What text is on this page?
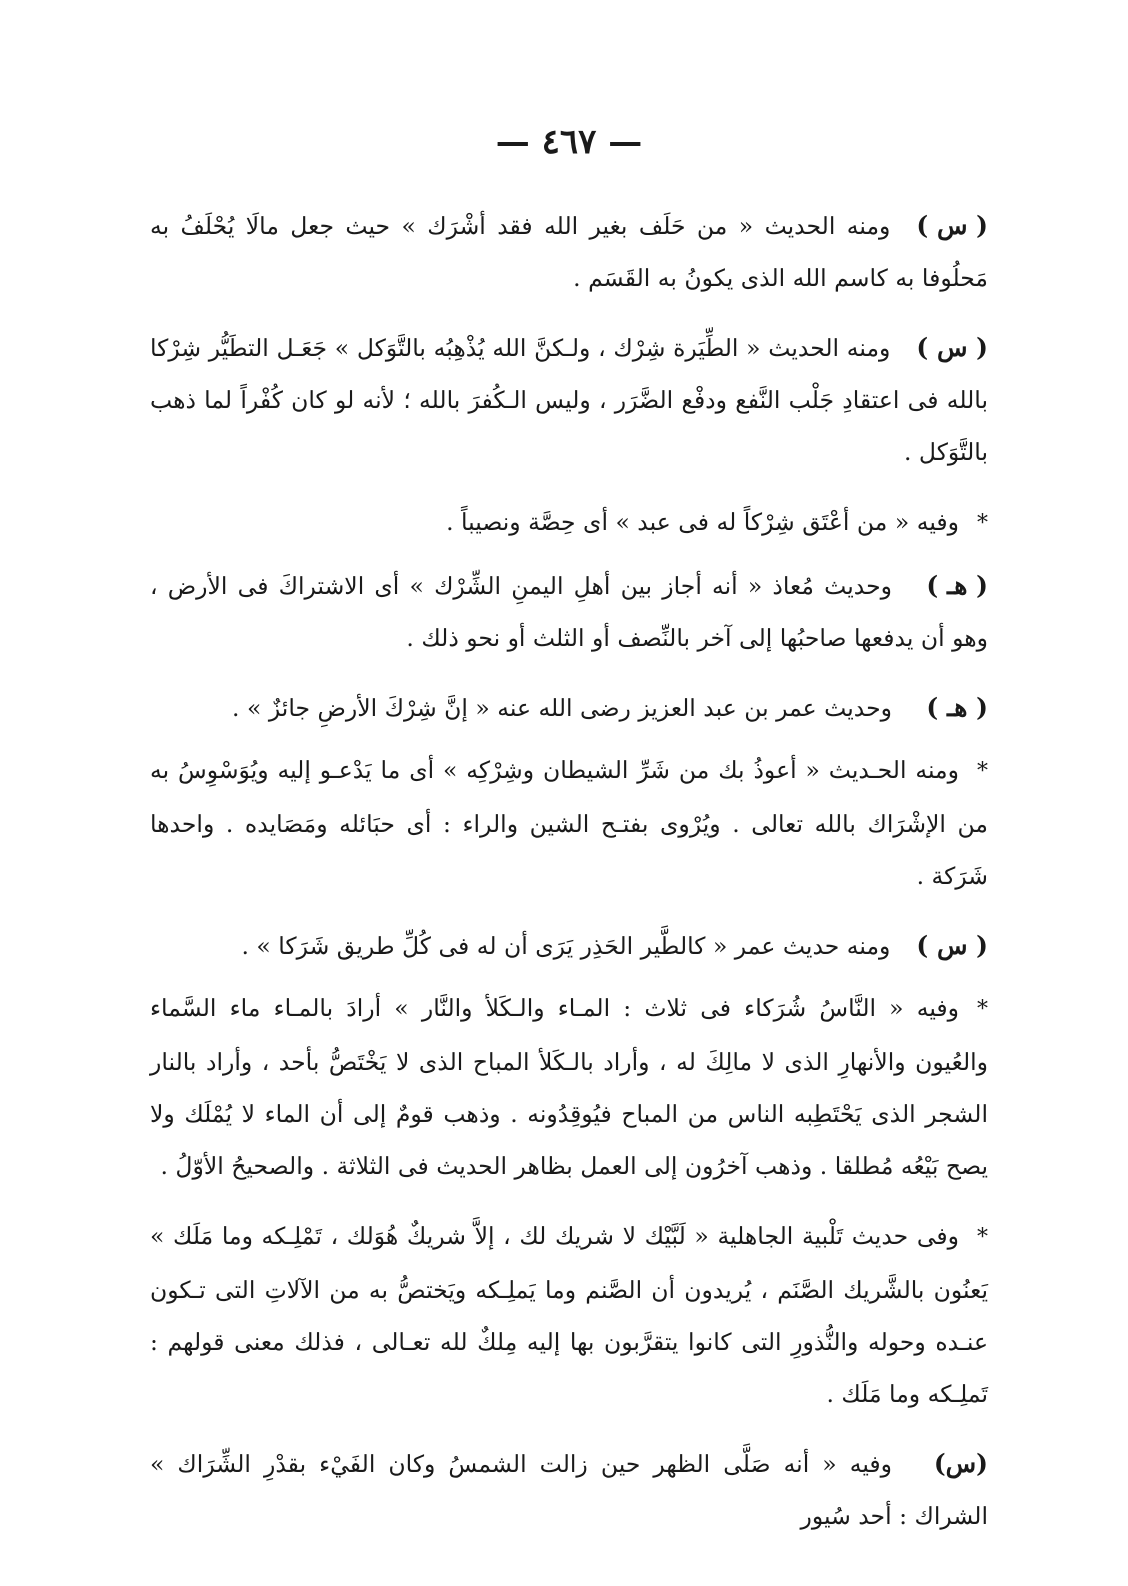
— ٤٦٧ —

( س )ومنه الحديث « من حَلَف بغير الله فقد أشْرَك » حيث جعل مالَا يُحْلَفُ به مَحلُوفا به كاسم الله الذى يكونُ به القَسَم .

( س )ومنه الحديث « الطِّيَرة شِرْك ، ولـكنَّ الله يُذْهِبُه بالتَّوَكل » جَعَـل التطَيُّر شِرْكا بالله فى اعتقادِ جَلْب النَّفع ودفْع الضَّرَر ، وليس الـكُفرَ بالله ؛ لأنه لو كان كُفْراً لما ذهب بالتَّوَكل .

*وفيه « من أعْتَق شِرْكاً له فى عبد » أى حِصَّة ونصيباً .

( هـ )وحديث مُعاذ « أنه أجاز بين أهلِ اليمنِ الشِّرْك » أى الاشتراكَ فى الأرض ، وهو أن يدفعها صاحبُها إلى آخر بالنِّصف أو الثلث أو نحو ذلك .

( هـ )وحديث عمر بن عبد العزيز رضى الله عنه « إنَّ شِرْكَ الأرضِ جائزٌ » .

*ومنه الحـديث « أعوذُ بك من شَرِّ الشيطان وشِرْكِه » أى ما يَدْعـو إليه ويُوَسْوِسُ به من الإشْرَاك بالله تعالى . ويُرْوى بفتـح الشين والراء : أى حبَائله ومَصَايده . واحدها شَرَكة .

( س )ومنه حديث عمر « كالطَّير الحَذِر يَرَى أن له فى كُلِّ طريق شَرَكا » .

*وفيه « النَّاسُ شُرَكاء فى ثلاث : المـاء والـكَلأ والنَّار » أرادَ بالمـاء ماء السَّماء والعُيون والأنهارِ الذى لا مالِكَ له ، وأراد بالـكَلأ المباح الذى لا يَخْتَصُّ بأحد ، وأراد بالنار الشجر الذى يَحْتَطِبه الناس من المباح فيُوقِدُونه . وذهب قومٌ إلى أن الماء لا يُمْلَك ولا يصح بَيْعُه مُطلقا . وذهب آخرُون إلى العمل بظاهر الحديث فى الثلاثة . والصحيحُ الأوّلُ .

*وفى حديث تَلْبية الجاهلية « لَبَّيْك لا شريك لك ، إلاَّ شريكٌ هُوَلك ، تَمْلِـكه وما مَلَك » يَعنُون بالشَّريك الصَّنَم ، يُريدون أن الصَّنم وما يَملِـكه ويَختصُّ به من الآلاتِ التى تـكون عنـده وحوله والنُّذورِ التى كانوا يتقرَّبون بها إليه مِلكٌ لله تعـالى ، فذلك معنى قولهم : تَملِـكه وما مَلَك .

(س)وفيه « أنه صَلَّى الظهر حين زالت الشمسُ وكان الفَيْء بقدْرِ الشِّرَاك » الشراك : أحد سُيور
